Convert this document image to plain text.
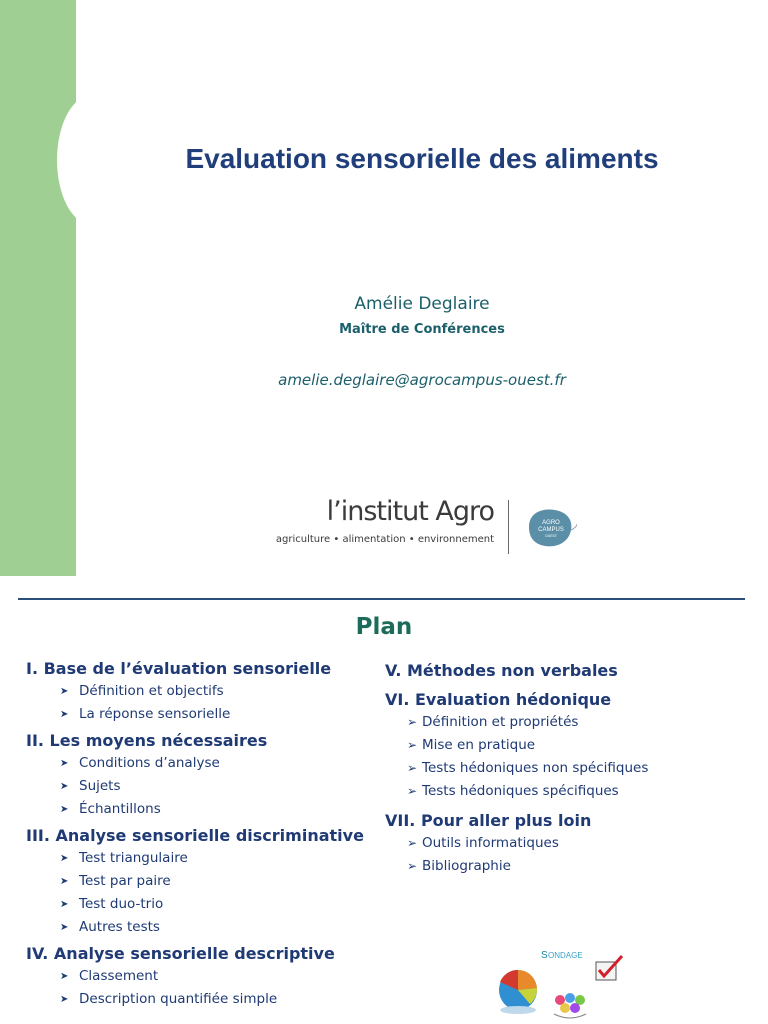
Evaluation sensorielle des aliments
Amélie Deglaire
Maître de Conférences
amelie.deglaire@agrocampus-ouest.fr
l’institut Agro
agriculture • alimentation • environnement
AGRO
CAMPUS
OUEST
Plan
I. Base de l’évaluation sensorielle
➤ Définition et objectifs
➤ La réponse sensorielle
II. Les moyens nécessaires
➤ Conditions d’analyse
➤ Sujets
➤ Échantillons
III. Analyse sensorielle discriminative
➤ Test triangulaire
➤ Test par paire
➤ Test duo-trio
➤ Autres tests
IV. Analyse sensorielle descriptive
➤ Classement
➤ Description quantifiée simple
V. Méthodes non verbales
VI. Evaluation hédonique
➢ Définition et propriétés
➢ Mise en pratique
➢ Tests hédoniques non spécifiques
➢ Tests hédoniques spécifiques
VII. Pour aller plus loin
➢ Outils informatiques
➢ Bibliographie
S ONDAGE
